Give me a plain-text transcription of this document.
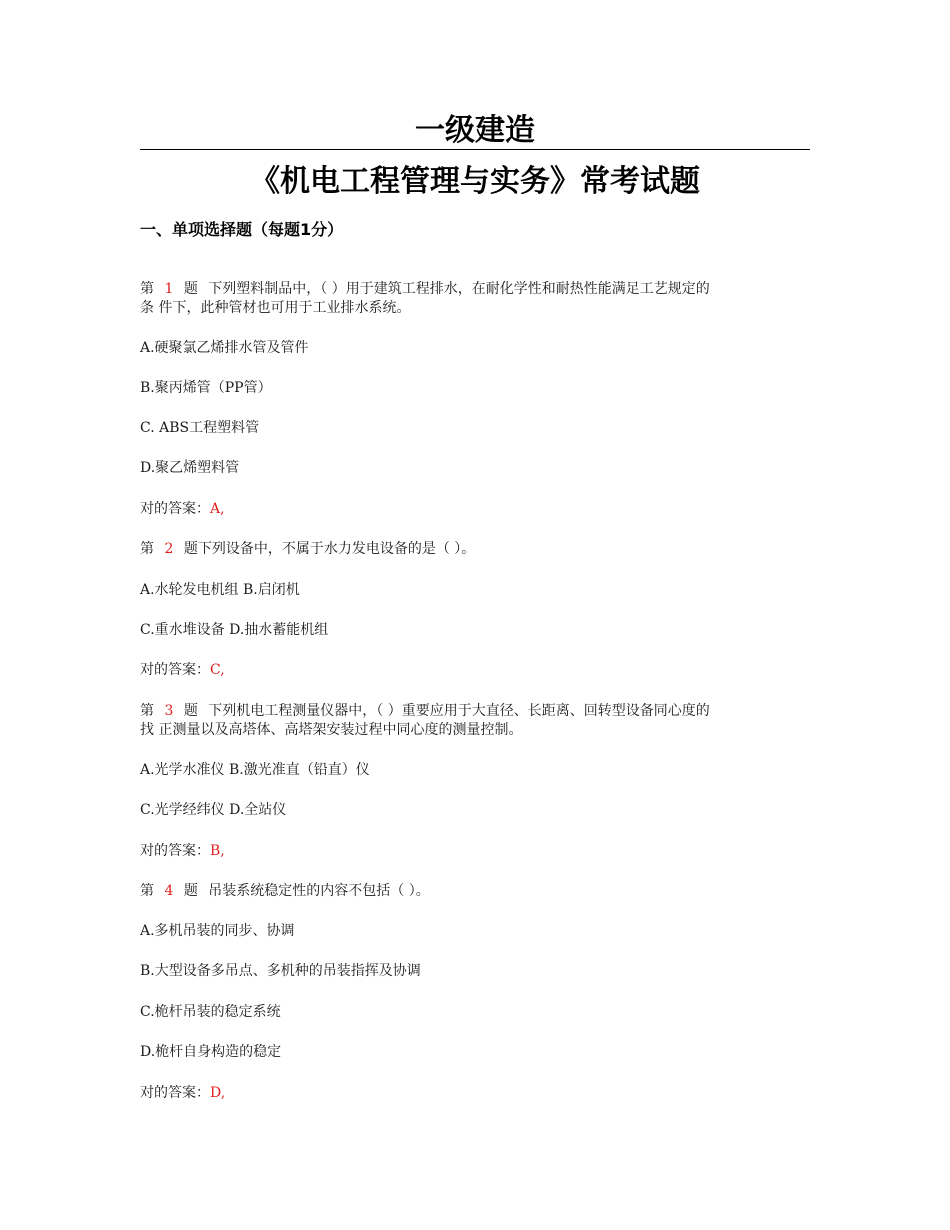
一级建造
《机电工程管理与实务》常考试题
一、单项选择题（每题1分）
第 1 题 下列塑料制品中，（ ）用于建筑工程排水，在耐化学性和耐热性能满足工艺规定的
条 件下，此种管材也可用于工业排水系统。
A.硬聚氯乙烯排水管及管件
B.聚丙烯管（PP管）
C. ABS工程塑料管
D.聚乙烯塑料管
对的答案：A,
第 2 题下列设备中，不属于水力发电设备的是（ ）。
A.水轮发电机组 B.启闭机
C.重水堆设备 D.抽水蓄能机组
对的答案：C,
第 3 题 下列机电工程测量仪器中，（ ）重要应用于大直径、长距离、回转型设备同心度的
找 正测量以及高塔体、高塔架安装过程中同心度的测量控制。
A.光学水准仪 B.激光准直（铅直）仪
C.光学经纬仪 D.全站仪
对的答案：B,
第 4 题 吊装系统稳定性的内容不包括（ ）。
A.多机吊装的同步、协调
B.大型设备多吊点、多机种的吊装指挥及协调
C.桅杆吊装的稳定系统
D.桅杆自身构造的稳定
对的答案：D,
